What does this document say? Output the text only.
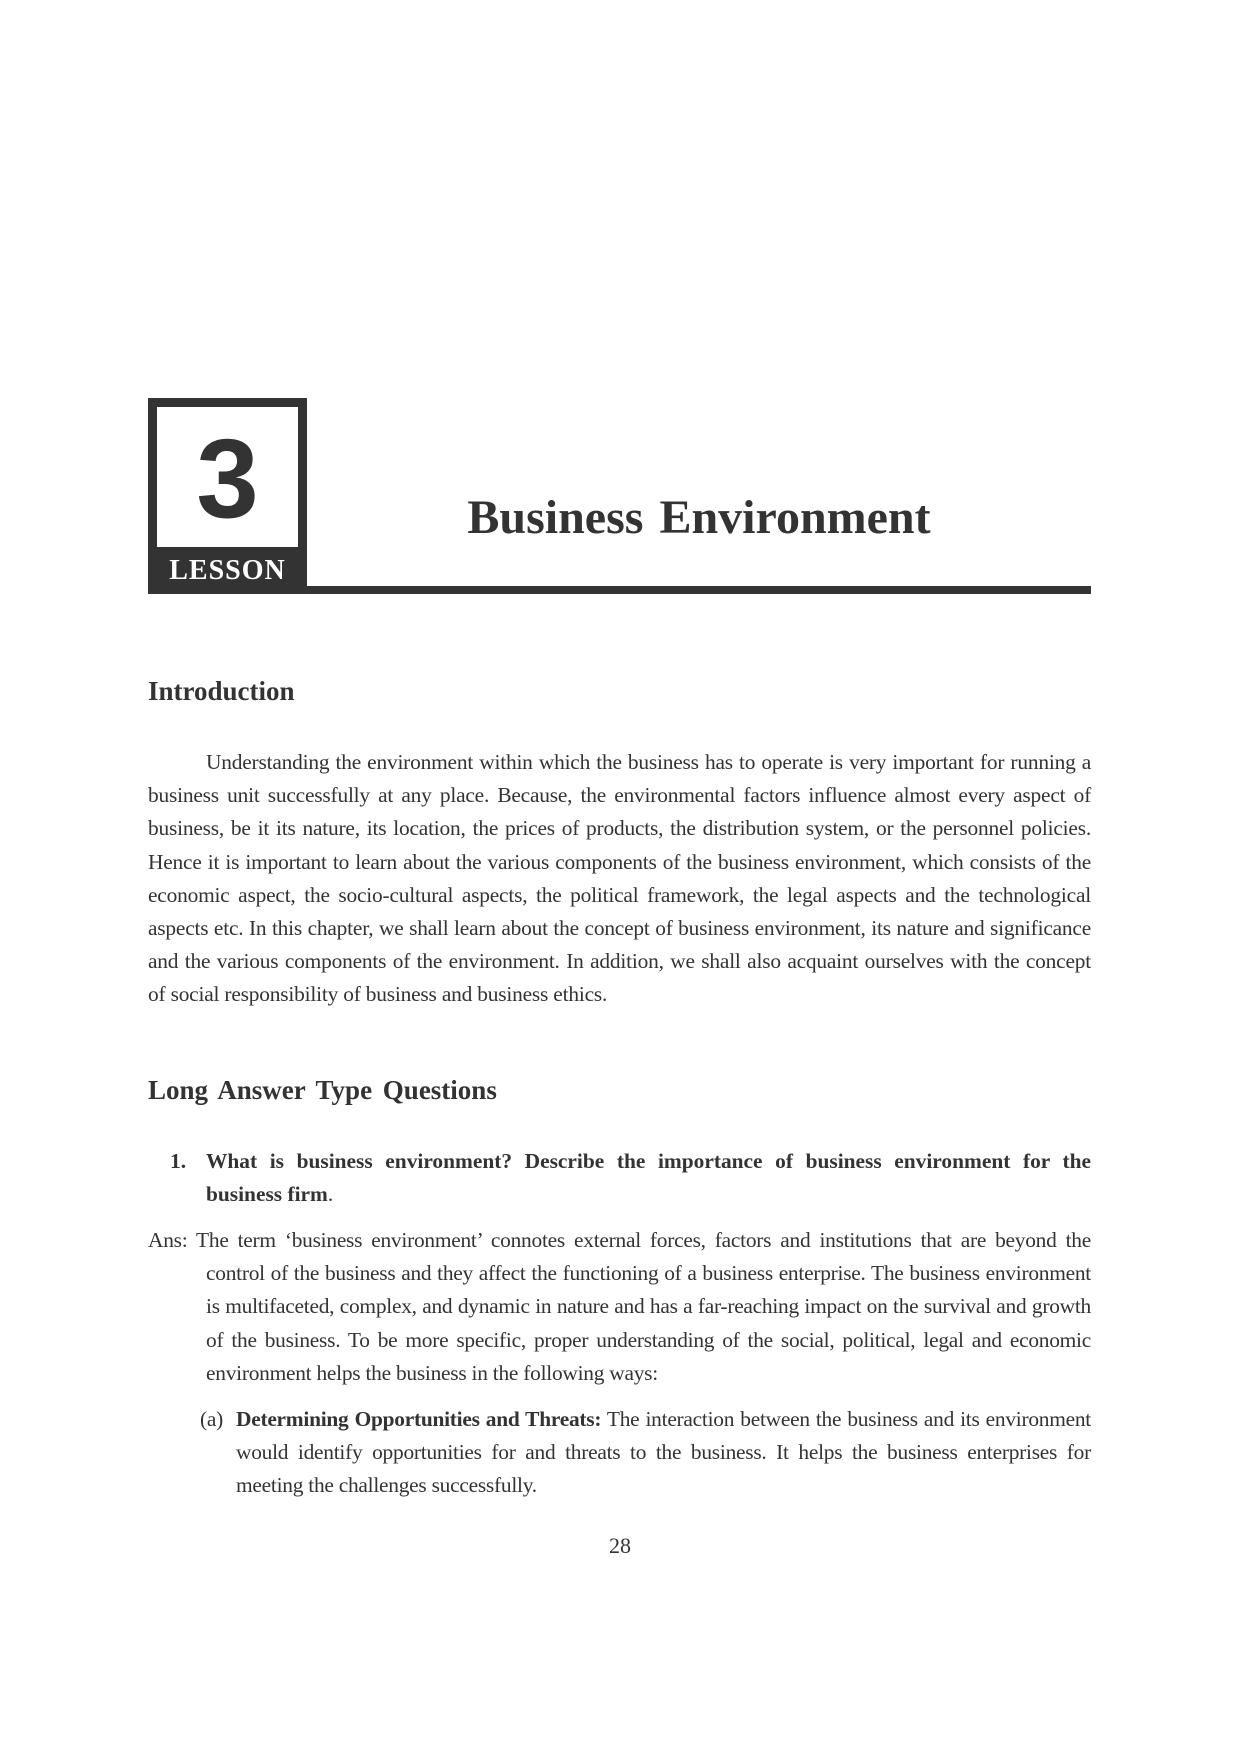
3
LESSON
Business Environment
Introduction

Understanding the environment within which the business has to operate is very important for running a business unit successfully at any place. Because, the environmental factors influence almost every aspect of business, be it its nature, its location, the prices of products, the distribution system, or the personnel policies. Hence it is important to learn about the various components of the business environment, which consists of the economic aspect, the socio-cultural aspects, the political framework, the legal aspects and the technological aspects etc. In this chapter, we shall learn about the concept of business environment, its nature and significance and the various components of the environment. In addition, we shall also acquaint ourselves with the concept of social responsibility of business and business ethics.

Long Answer Type Questions

1. What is business environment? Describe the importance of business environment for the business firm.

Ans: The term ‘business environment’ connotes external forces, factors and institutions that are beyond the control of the business and they affect the functioning of a business enterprise. The business environment is multifaceted, complex, and dynamic in nature and has a far-reaching impact on the survival and growth of the business. To be more specific, proper understanding of the social, political, legal and economic environment helps the business in the following ways:

(a) Determining Opportunities and Threats: The interaction between the business and its environment would identify opportunities for and threats to the business. It helps the business enterprises for meeting the challenges successfully.

28
